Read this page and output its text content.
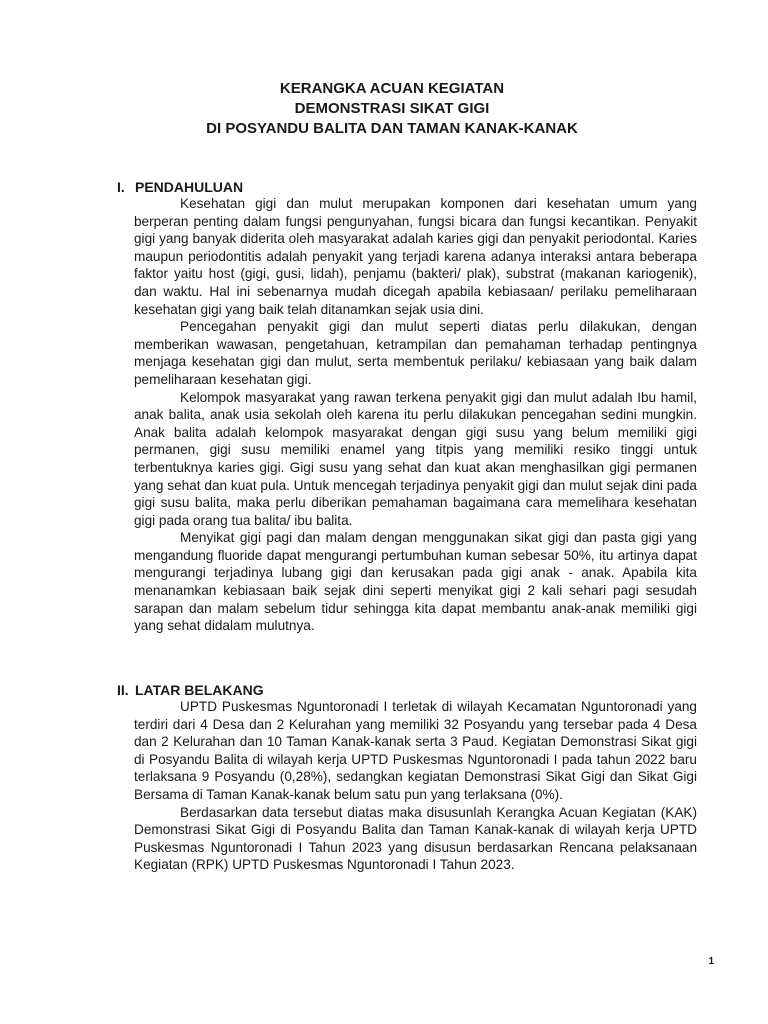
KERANGKA ACUAN KEGIATAN
DEMONSTRASI SIKAT GIGI
DI POSYANDU BALITA DAN TAMAN KANAK-KANAK
I. PENDAHULUAN

Kesehatan gigi dan mulut merupakan komponen dari kesehatan umum yang berperan penting dalam fungsi pengunyahan, fungsi bicara dan fungsi kecantikan. Penyakit gigi yang banyak diderita oleh masyarakat adalah karies gigi dan penyakit periodontal. Karies maupun periodontitis adalah penyakit yang terjadi karena adanya interaksi antara beberapa faktor yaitu host (gigi, gusi, lidah), penjamu (bakteri/ plak), substrat (makanan kariogenik), dan waktu. Hal ini sebenarnya mudah dicegah apabila kebiasaan/ perilaku pemeliharaan kesehatan gigi yang baik telah ditanamkan sejak usia dini.

Pencegahan penyakit gigi dan mulut seperti diatas perlu dilakukan, dengan memberikan wawasan, pengetahuan, ketrampilan dan pemahaman terhadap pentingnya menjaga kesehatan gigi dan mulut, serta membentuk perilaku/ kebiasaan yang baik dalam pemeliharaan kesehatan gigi.

Kelompok masyarakat yang rawan terkena penyakit gigi dan mulut adalah Ibu hamil, anak balita, anak usia sekolah oleh karena itu perlu dilakukan pencegahan sedini mungkin. Anak balita adalah kelompok masyarakat dengan gigi susu yang belum memiliki gigi permanen, gigi susu memiliki enamel yang titpis yang memiliki resiko tinggi untuk terbentuknya karies gigi. Gigi susu yang sehat dan kuat akan menghasilkan gigi permanen yang sehat dan kuat pula. Untuk mencegah terjadinya penyakit gigi dan mulut sejak dini pada gigi susu balita, maka perlu diberikan pemahaman bagaimana cara memelihara kesehatan gigi pada orang tua balita/ ibu balita.

Menyikat gigi pagi dan malam dengan menggunakan sikat gigi dan pasta gigi yang mengandung fluoride dapat mengurangi pertumbuhan kuman sebesar 50%, itu artinya dapat mengurangi terjadinya lubang gigi dan kerusakan pada gigi anak - anak. Apabila kita menanamkan kebiasaan baik sejak dini seperti menyikat gigi 2 kali sehari pagi sesudah sarapan dan malam sebelum tidur sehingga kita dapat membantu anak-anak memiliki gigi yang sehat didalam mulutnya.

II. LATAR BELAKANG

UPTD Puskesmas Nguntoronadi I terletak di wilayah Kecamatan Nguntoronadi yang terdiri dari 4 Desa dan 2 Kelurahan yang memiliki 32 Posyandu yang tersebar pada 4 Desa dan 2 Kelurahan dan 10 Taman Kanak-kanak serta 3 Paud. Kegiatan Demonstrasi Sikat gigi di Posyandu Balita di wilayah kerja UPTD Puskesmas Nguntoronadi I pada tahun 2022 baru terlaksana 9 Posyandu (0,28%), sedangkan kegiatan Demonstrasi Sikat Gigi dan Sikat Gigi Bersama di Taman Kanak-kanak belum satu pun yang terlaksana (0%).

Berdasarkan data tersebut diatas maka disusunlah Kerangka Acuan Kegiatan (KAK) Demonstrasi Sikat Gigi di Posyandu Balita dan Taman Kanak-kanak di wilayah kerja UPTD Puskesmas Nguntoronadi I Tahun 2023 yang disusun berdasarkan Rencana pelaksanaan Kegiatan (RPK) UPTD Puskesmas Nguntoronadi I Tahun 2023.

1
